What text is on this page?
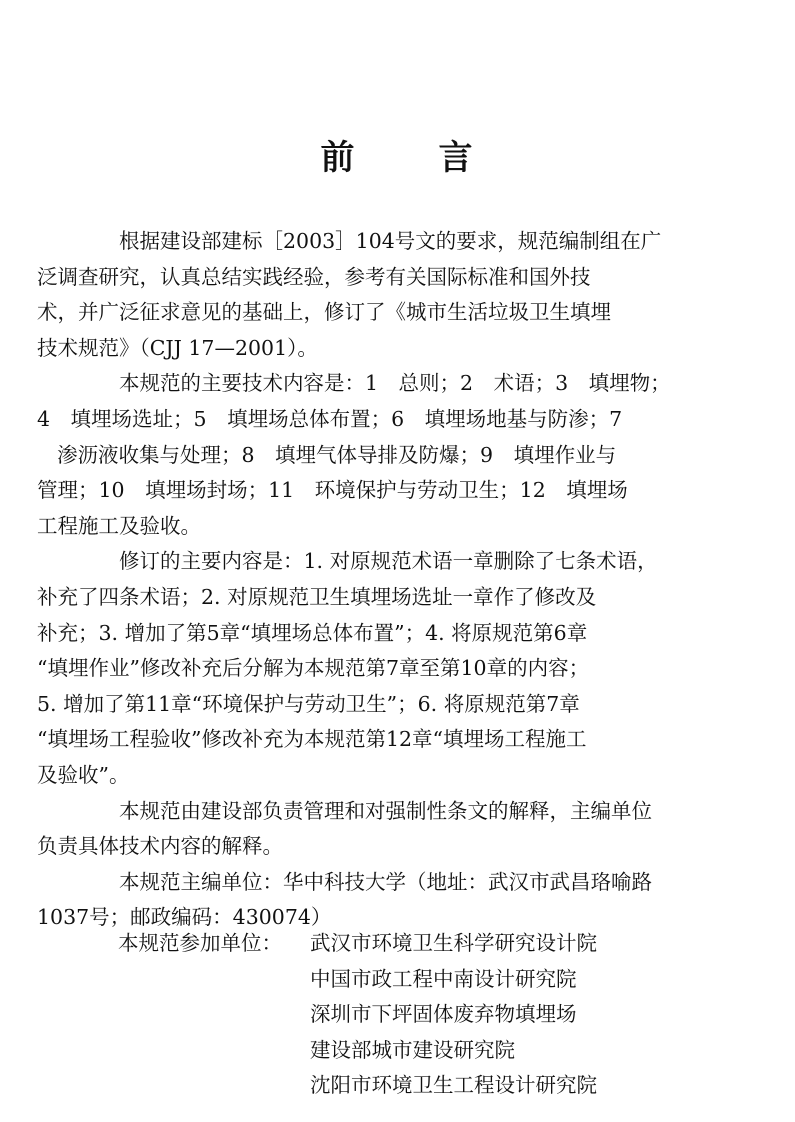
前 言

根据建设部建标［2003］104号文的要求，规范编制组在广
泛调查研究，认真总结实践经验，参考有关国际标准和国外技
术，并广泛征求意见的基础上，修订了《城市生活垃圾卫生填埋
技术规范》（CJJ 17—2001）。

本规范的主要技术内容是：1　总则；2　术语；3　填埋物；
4　填埋场选址；5　填埋场总体布置；6　填埋场地基与防渗；7
渗沥液收集与处理；8　填埋气体导排及防爆；9　填埋作业与
管理；10　填埋场封场；11　环境保护与劳动卫生；12　填埋场
工程施工及验收。

修订的主要内容是：1. 对原规范术语一章删除了七条术语，
补充了四条术语；2. 对原规范卫生填埋场选址一章作了修改及
补充；3. 增加了第5章“填埋场总体布置”；4. 将原规范第6章
“填埋作业”修改补充后分解为本规范第7章至第10章的内容；
5. 增加了第11章“环境保护与劳动卫生”；6. 将原规范第7章
“填埋场工程验收”修改补充为本规范第12章“填埋场工程施工
及验收”。

本规范由建设部负责管理和对强制性条文的解释，主编单位
负责具体技术内容的解释。

本规范主编单位：华中科技大学（地址：武汉市武昌珞喻路
1037号；邮政编码：430074）

本规范参加单位： 武汉市环境卫生科学研究设计院
中国市政工程中南设计研究院
深圳市下坪固体废弃物填埋场
建设部城市建设研究院
沈阳市环境卫生工程设计研究院
